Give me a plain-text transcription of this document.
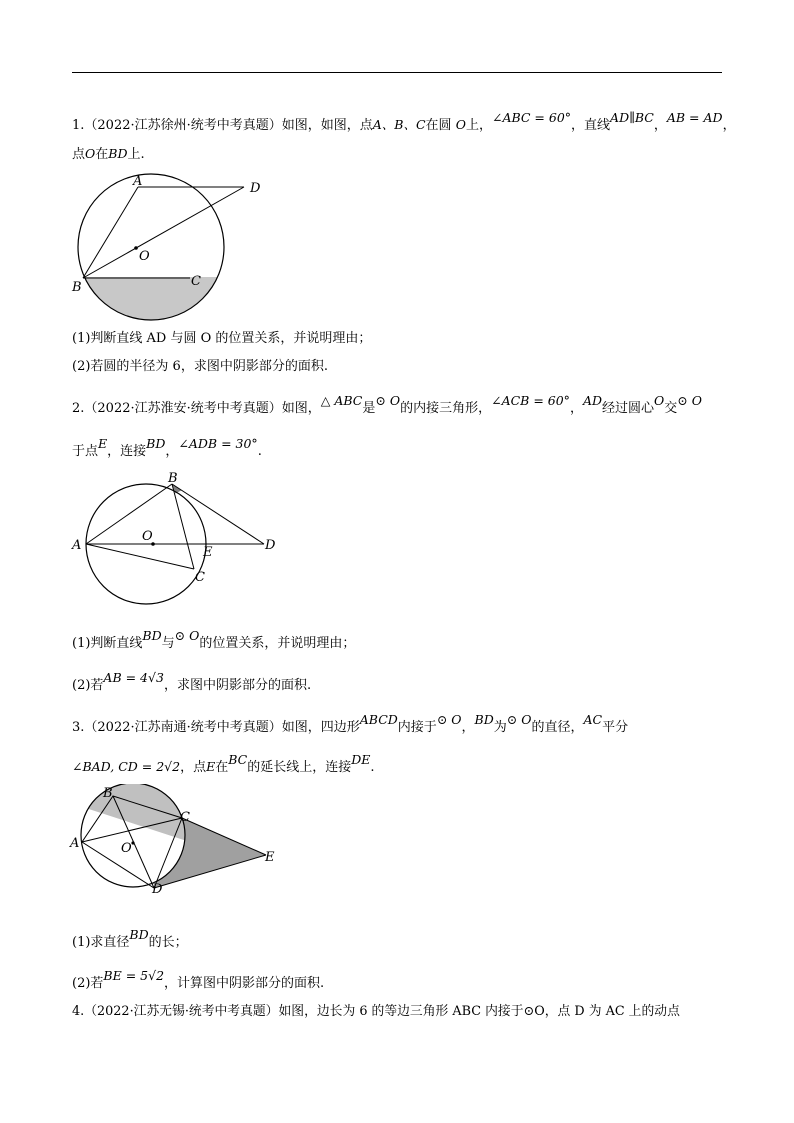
1.（2022·江苏徐州·统考中考真题）如图，如图，点A、B、C在圆 O上，∠ABC = 60°，直线AD∥BC，AB = AD，
点O在BD上.
A	D
O
B	C
(1)判断直线 AD 与圆 O 的位置关系，并说明理由；
(2)若圆的半径为 6，求图中阴影部分的面积.
2.（2022·江苏淮安·统考中考真题）如图，△ ABC是⊙ O的内接三角形，∠ACB = 60°，AD经过圆心O交⊙ O
于点E，连接BD，∠ADB = 30°.
B
O
A	E	D
C
(1)判断直线BD与⊙ O的位置关系，并说明理由；
(2)若AB = 4√3，求图中阴影部分的面积.
3.（2022·江苏南通·统考中考真题）如图，四边形ABCD内接于⊙ O，BD为⊙ O的直径，AC平分
∠BAD, CD = 2√2，点E在BC的延长线上，连接DE.
B
C
A	O
E
D
(1)求直径BD的长；
(2)若BE = 5√2，计算图中阴影部分的面积.
4.（2022·江苏无锡·统考中考真题）如图，边长为 6 的等边三角形 ABC 内接于⊙O，点 D 为 AC 上的动点
